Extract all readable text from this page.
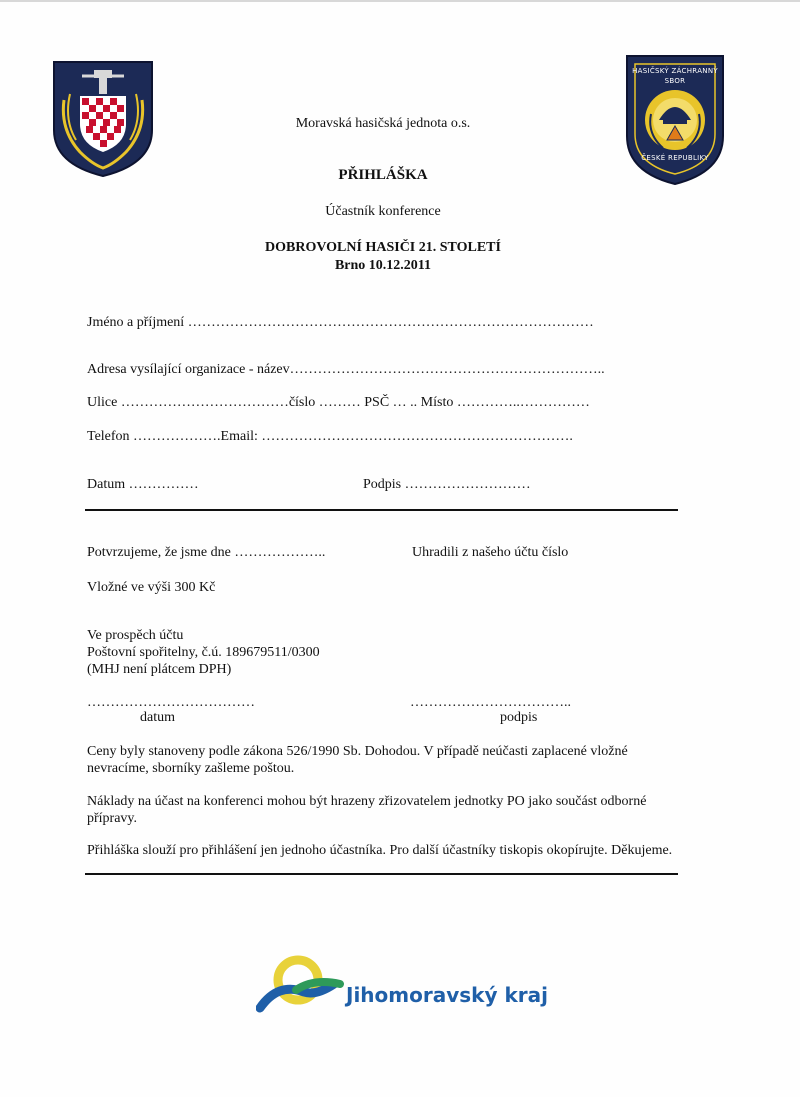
HASIČSKÝ ZÁCHRANNÝ SBOR
ČESKÉ REPUBLIKY
Moravská hasičská jednota o.s.
PŘIHLÁŠKA
Účastník konference
DOBROVOLNÍ HASIČI 21. STOLETÍ
Brno 10.12.2011
Jméno a příjmení ……………………………………………………………………………
Adresa vysílající organizace - název…………………………………………………………..
Ulice ………………………………číslo ……… PSČ … .. Místo …………..……………
Telefon ……………….Email: ………………………………………………………….
Datum ……………	Podpis ………………………
Potvrzujeme, že jsme dne ………………..	Uhradili z našeho účtu číslo
Vložné ve výši 300 Kč
Ve prospěch účtu
Poštovní spořitelny, č.ú. 189679511/0300
(MHJ není plátcem DPH)
………………………………	……………………………..
datum	podpis
Ceny byly stanoveny podle zákona 526/1990 Sb. Dohodou. V případě neúčasti zaplacené vložné nevracíme, sborníky zašleme poštou.
Náklady na účast na konferenci mohou být hrazeny zřizovatelem jednotky PO jako součást odborné přípravy.
Přihláška slouží pro přihlášení jen jednoho účastníka. Pro další účastníky tiskopis okopírujte. Děkujeme.
Jihomoravský kraj
